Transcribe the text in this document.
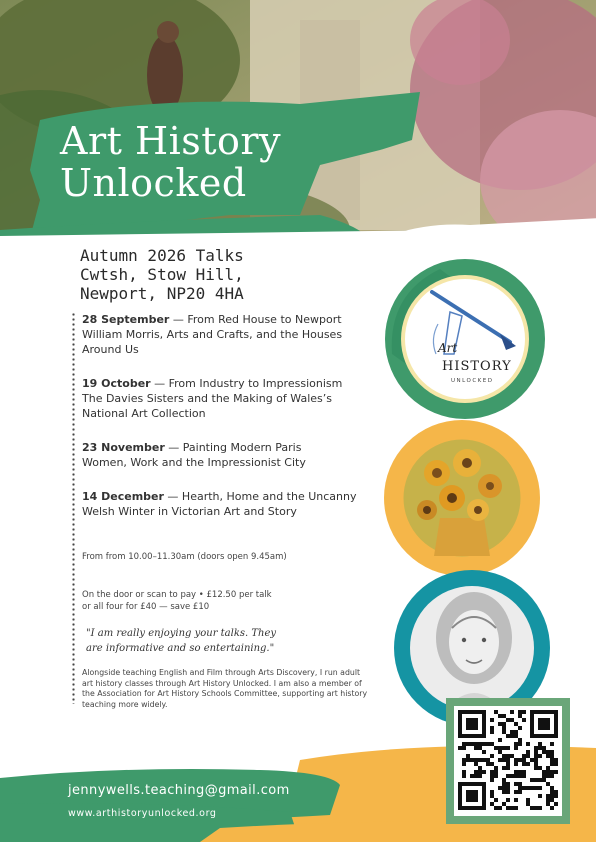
Art History
Unlocked
Autumn 2026 Talks
Cwtsh, Stow Hill,
Newport, NP20 4HA
28 September — From Red House to Newport
William Morris, Arts and Crafts, and the Houses Around Us
19 October — From Industry to Impressionism
The Davies Sisters and the Making of Wales’s National Art Collection
23 November — Painting Modern Paris
Women, Work and the Impressionist City
14 December — Hearth, Home and the Uncanny
Welsh Winter in Victorian Art and Story
From from 10.00–11.30am (doors open 9.45am)
On the door or scan to pay • £12.50 per talk
or all four for £40 — save £10
"I am really enjoying your talks. They
are informative and so entertaining."
Alongside teaching English and Film through Arts Discovery, I run adult art history classes through Art History Unlocked. I am also a member of the Association for Art History Schools Committee, supporting art history teaching more widely.
jennywells.teaching@gmail.com
www.arthistoryunlocked.org
Art
HISTORY
UNLOCKED
